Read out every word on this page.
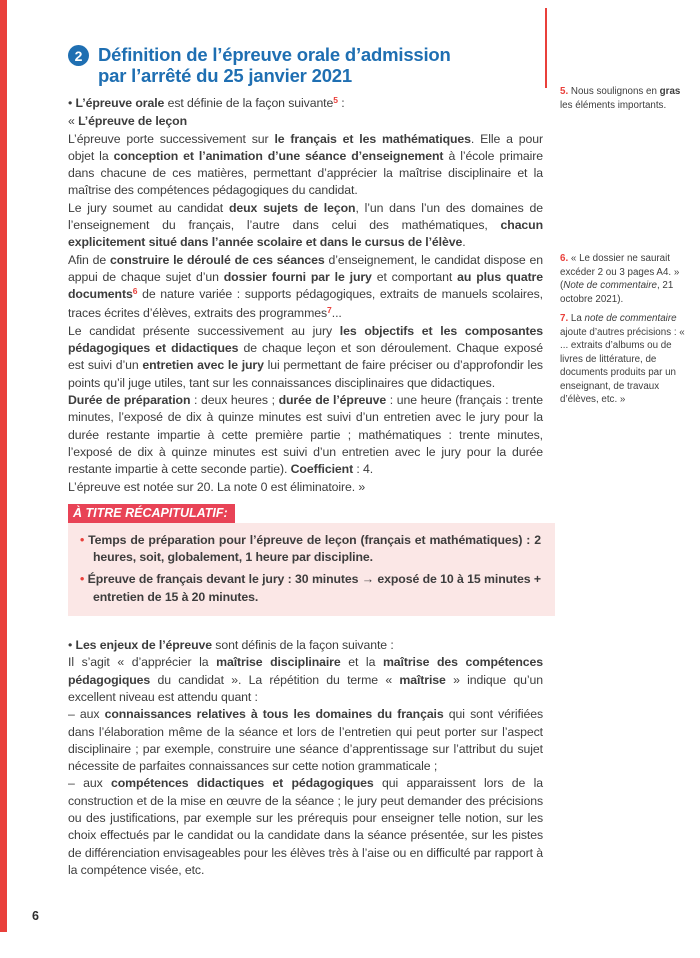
2 Définition de l’épreuve orale d’admission
par l’arrêté du 25 janvier 2021

• L’épreuve orale est définie de la façon suivante$^5$ :

« L’épreuve de leçon

L’épreuve porte successivement sur le français et les mathématiques. Elle a pour objet la conception et l’animation d’une séance d’enseignement à l’école primaire dans chacune de ces matières, permettant d’apprécier la maîtrise disciplinaire et la maîtrise des compétences pédagogiques du candidat.

Le jury soumet au candidat deux sujets de leçon, l’un dans l’un des domaines de l’enseignement du français, l’autre dans celui des mathématiques, chacun explicitement situé dans l’année scolaire et dans le cursus de l’élève.

Afin de construire le déroulé de ces séances d’enseignement, le candidat dispose en appui de chaque sujet d’un dossier fourni par le jury et comportant au plus quatre documents$^6$ de nature variée : supports pédagogiques, extraits de manuels scolaires, traces écrites d’élèves, extraits des programmes$^7$...

Le candidat présente successivement au jury les objectifs et les composantes pédagogiques et didactiques de chaque leçon et son déroulement. Chaque exposé est suivi d’un entretien avec le jury lui permettant de faire préciser ou d’approfondir les points qu’il juge utiles, tant sur les connaissances disciplinaires que didactiques.

Durée de préparation : deux heures ; durée de l’épreuve : une heure (français : trente minutes, l’exposé de dix à quinze minutes est suivi d’un entretien avec le jury pour la durée restante impartie à cette première partie ; mathématiques : trente minutes, l’exposé de dix à quinze minutes est suivi d’un entretien avec le jury pour la durée restante impartie à cette seconde partie). Coefficient : 4.

L’épreuve est notée sur 20. La note 0 est éliminatoire. »

À TITRE RÉCAPITULATIF:
• Temps de préparation pour l’épreuve de leçon (français et mathématiques) : 2 heures, soit, globalement, 1 heure par discipline.
• Épreuve de français devant le jury : 30 minutes → exposé de 10 à 15 minutes + entretien de 15 à 20 minutes.

• Les enjeux de l’épreuve sont définis de la façon suivante :

Il s’agit « d’apprécier la maîtrise disciplinaire et la maîtrise des compétences pédagogiques du candidat ». La répétition du terme « maîtrise » indique qu’un excellent niveau est attendu quant :

– aux connaissances relatives à tous les domaines du français qui sont vérifiées dans l’élaboration même de la séance et lors de l’entretien qui peut porter sur l’aspect disciplinaire ; par exemple, construire une séance d’apprentissage sur l’attribut du sujet nécessite de parfaites connaissances sur cette notion grammaticale ;

– aux compétences didactiques et pédagogiques qui apparaissent lors de la construction et de la mise en œuvre de la séance ; le jury peut demander des précisions ou des justifications, par exemple sur les prérequis pour enseigner telle notion, sur les choix effectués par le candidat ou la candidate dans la séance présentée, sur les pistes de différenciation envisageables pour les élèves très à l’aise ou en difficulté par rapport à la compétence visée, etc.

5. Nous soulignons en gras les éléments importants.
6. « Le dossier ne saurait excéder 2 ou 3 pages A4. » (Note de commentaire, 21 octobre 2021).
7. La note de commentaire ajoute d’autres précisions : « ... extraits d’albums ou de livres de littérature, de documents produits par un enseignant, de travaux d’élèves, etc. »
6
